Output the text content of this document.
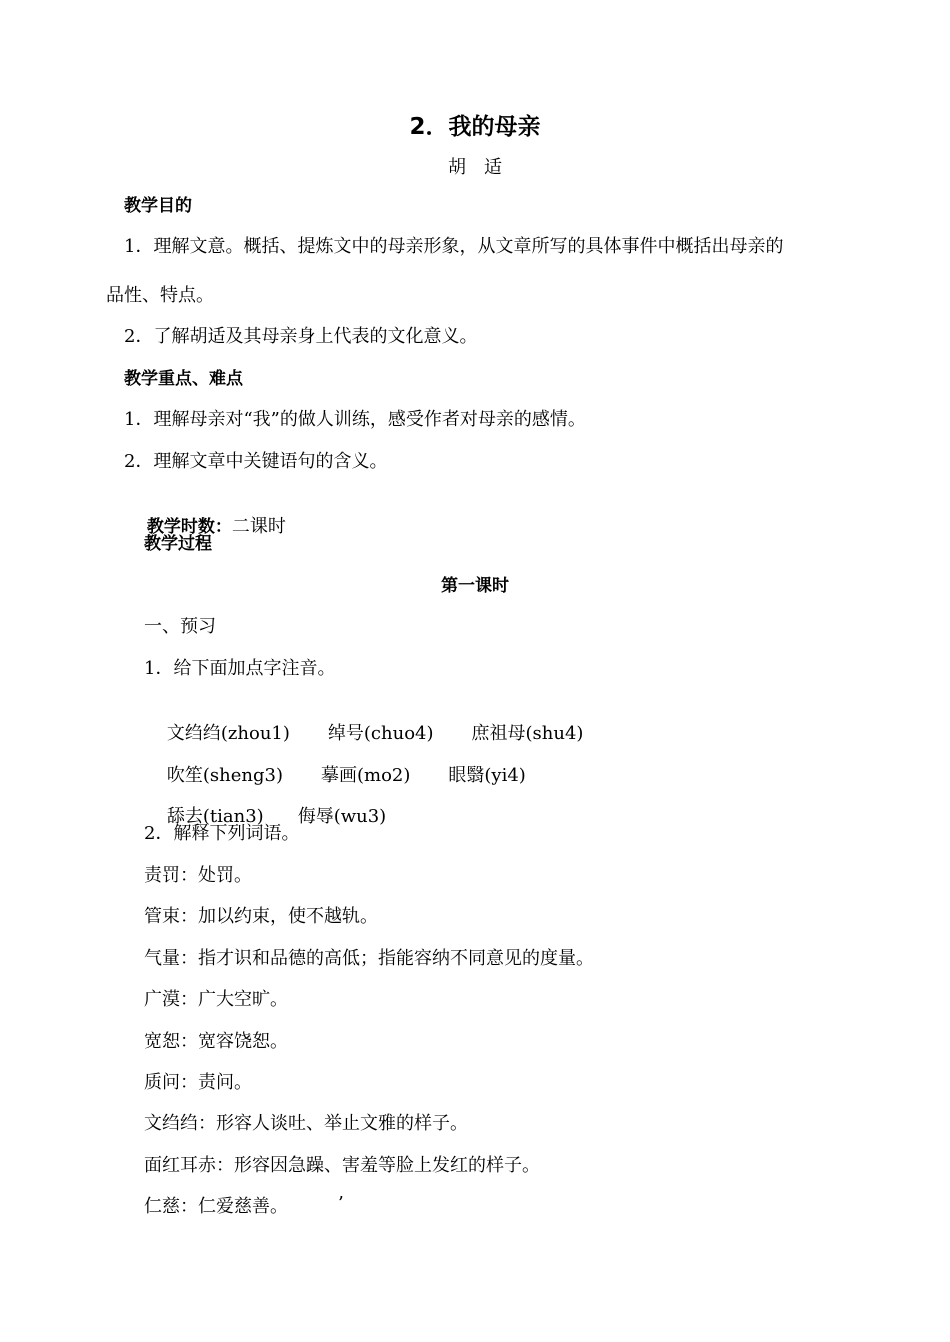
2．我的母亲
胡　适
教学目的
1．理解文意。概括、提炼文中的母亲形象，从文章所写的具体事件中概括出母亲的
品性、特点。
2．了解胡适及其母亲身上代表的文化意义。
教学重点、难点
1．理解母亲对“我”的做人训练，感受作者对母亲的感情。
2．理解文章中关键语句的含义。

教学时数：二课时

教学过程
第一课时
一、预习
1．给下面加点字注音。

文绉绉(zhou1) 绰号(chuo4) 庶祖母(shu4)

吹笙(sheng3) 摹画(mo2) 眼翳(yi4)

舔去(tian3) 侮辱(wu3)

2．解释下列词语。
责罚：处罚。
管束：加以约束，使不越轨。
气量：指才识和品德的高低；指能容纳不同意见的度量。
广漠：广大空旷。
宽恕：宽容饶恕。
质问：责问。
文绉绉：形容人谈吐、举止文雅的样子。
面红耳赤：形容因急躁、害羞等脸上发红的样子。
仁慈：仁爱慈善。	’
